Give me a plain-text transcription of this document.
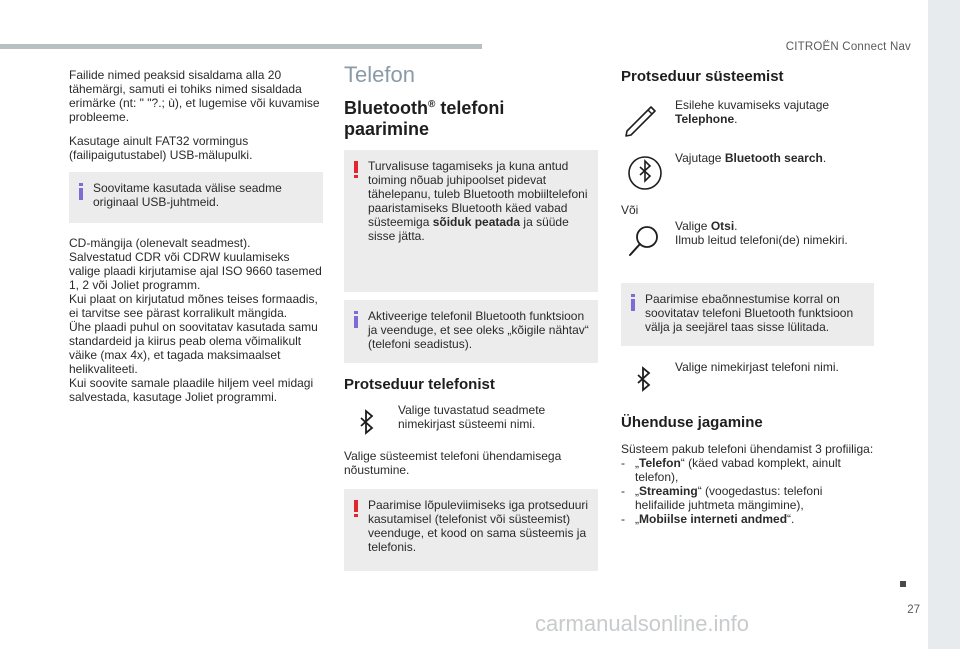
CITROËN Connect Nav

Failide nimed peaksid sisaldama alla 20 tähemärgi, samuti ei tohiks nimed sisaldada erimärke (nt: " "?.; ù), et lugemise või kuvamise probleeme.

Kasutage ainult FAT32 vormingus (failipaigutustabel) USB-mälupulki.

Soovitame kasutada välise seadme originaal USB-juhtmeid.

CD-mängija (olenevalt seadmest).

Salvestatud CDR või CDRW kuulamiseks valige plaadi kirjutamise ajal ISO 9660 tasemed 1, 2 või Joliet programm.

Kui plaat on kirjutatud mõnes teises formaadis, ei tarvitse see pärast korralikult mängida.

Ühe plaadi puhul on soovitatav kasutada samu standardeid ja kiirus peab olema võimalikult väike (max 4x), et tagada maksimaalset helikvaliteeti.

Kui soovite samale plaadile hiljem veel midagi salvestada, kasutage Joliet programmi.

Telefon
Bluetooth® telefoni
paarimine

Turvalisuse tagamiseks ja kuna antud toiming nõuab juhipoolset pidevat tähelepanu, tuleb Bluetooth mobiiltelefoni paaristamiseks Bluetooth käed vabad süsteemiga sõiduk peatada ja süüde sisse jätta.

Aktiveerige telefonil Bluetooth funktsioon ja veenduge, et see oleks „kõigile nähtav“ (telefoni seadistus).

Protseduur telefonist

Valige tuvastatud seadmete nimekirjast süsteemi nimi.

Valige süsteemist telefoni ühendamisega nõustumine.

Paarimise lõpuleviimiseks iga protseduuri kasutamisel (telefonist või süsteemist) veenduge, et kood on sama süsteemis ja telefonis.

Protseduur süsteemist

Esilehe kuvamiseks vajutage Telephone.

Vajutage Bluetooth search.

Või

Valige Otsi.
Ilmub leitud telefoni(de) nimekiri.

Paarimise ebaõnnestumise korral on soovitatav telefoni Bluetooth funktsioon välja ja seejärel taas sisse lülitada.

Valige nimekirjast telefoni nimi.

Ühenduse jagamine

Süsteem pakub telefoni ühendamist 3 profiiliga:

- „Telefon“ (käed vabad komplekt, ainult telefon),

- „Streaming“ (voogedastus: telefoni helifailide juhtmeta mängimine),

- „Mobiilse interneti andmed“.

27
carmanualsonline.info
